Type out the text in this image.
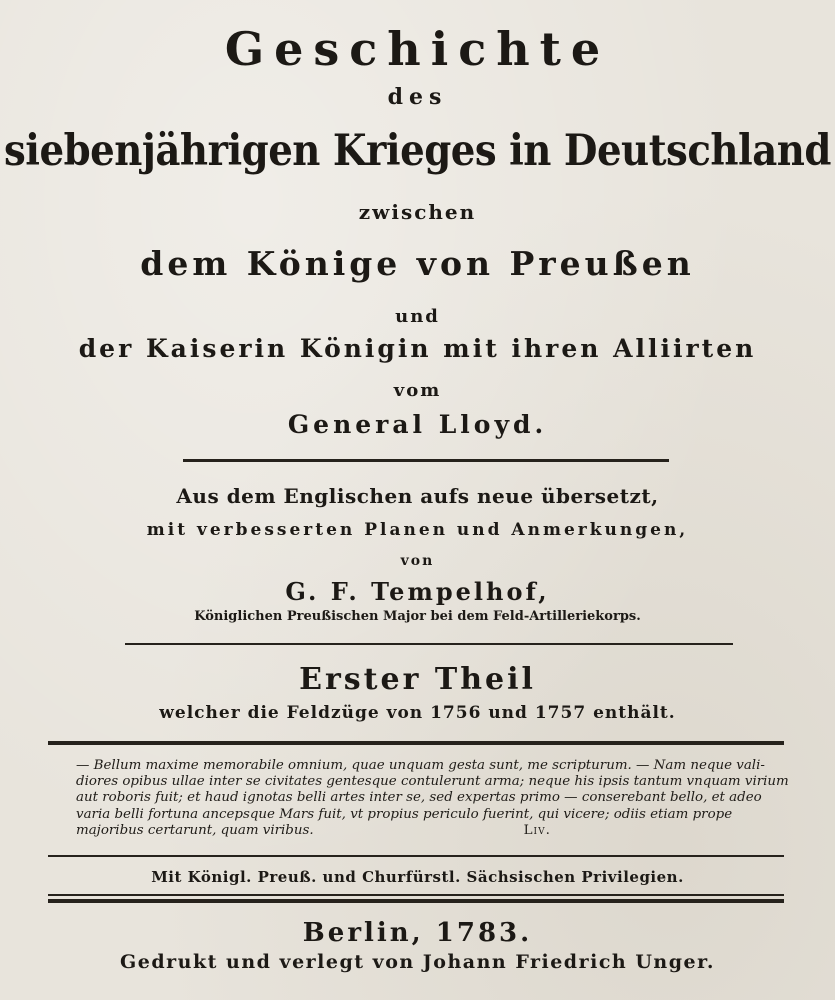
Geschichte
des
siebenjährigen Krieges in Deutschland
zwischen
dem Könige von Preußen
und
der Kaiserin Königin mit ihren Alliirten
vom
General Lloyd.
Aus dem Englischen aufs neue übersetzt,
mit verbesserten Planen und Anmerkungen,
von
G. F. Tempelhof,
Königlichen Preußischen Major bei dem Feld-Artilleriekorps.
Erster Theil
welcher die Feldzüge von 1756 und 1757 enthält.
— Bellum maxime memorabile omnium, quae unquam gesta sunt, me scripturum. — Nam neque vali-
diores opibus ullae inter se civitates gentesque contulerunt arma; neque his ipsis tantum vnquam virium
aut roboris fuit; et haud ignotas belli artes inter se, sed expertas primo — conserebant bello, et adeo
varia belli fortuna ancepsque Mars fuit, vt propius periculo fuerint, qui vicere; odiis etiam prope
majoribus certarunt, quam viribus.	Liv.
Mit Königl. Preuß. und Churfürstl. Sächsischen Privilegien.
Berlin, 1783.
Gedrukt und verlegt von Johann Friedrich Unger.
